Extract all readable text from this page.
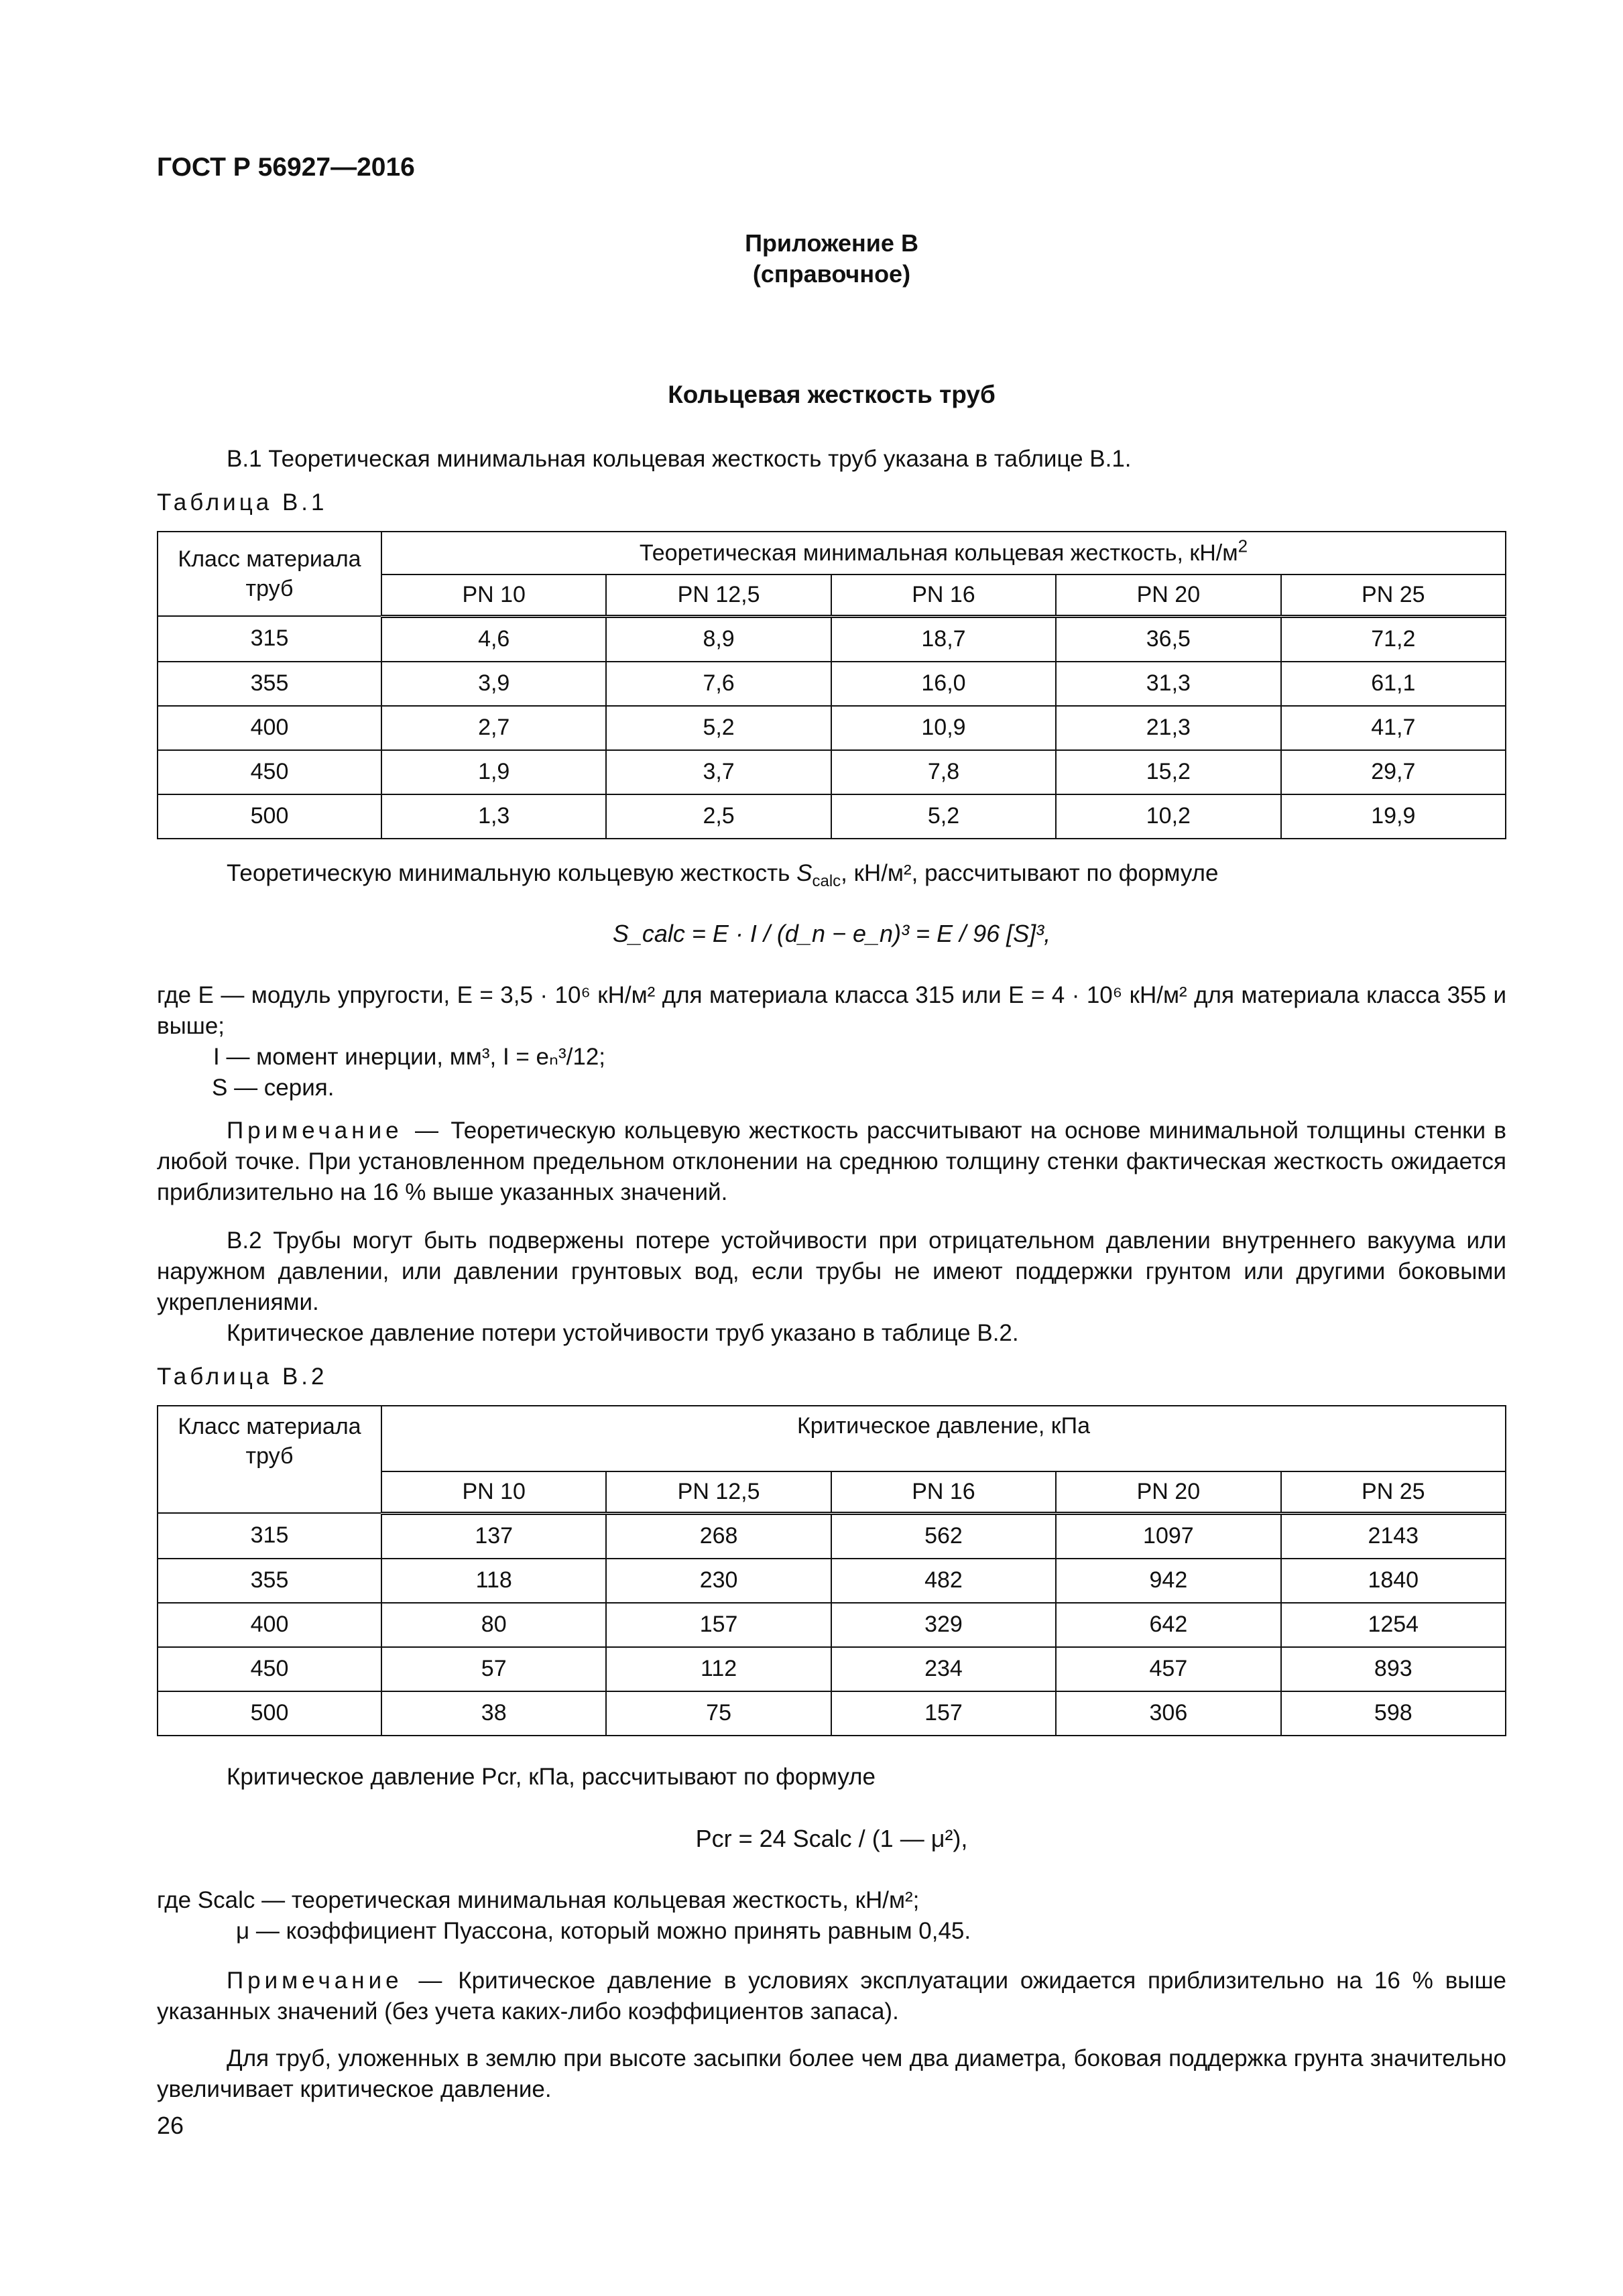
ГОСТ Р 56927—2016
Приложение В
(справочное)
Кольцевая жесткость труб
В.1 Теоретическая минимальная кольцевая жесткость труб указана в таблице В.1.
Таблица В.1
Класс материала труб	Теоретическая минимальная кольцевая жесткость, $кН/м^2$
	PN 10	PN 12,5	PN 16	PN 20	PN 25
315	4,6	8,9	18,7	36,5	71,2
355	3,9	7,6	16,0	31,3	61,1
400	2,7	5,2	10,9	21,3	41,7
450	1,9	3,7	7,8	15,2	29,7
500	1,3	2,5	5,2	10,2	19,9
Теоретическую минимальную кольцевую жесткость $S_{calc}$, кН/м², рассчитывают по формуле
S_calc = E · I / (d_n − e_n)³ = E / 96 [S]³,
где E — модуль упругости, E = 3,5 · 10⁶ кН/м² для материала класса 315 или E = 4 · 10⁶ кН/м² для материала класса 355 и выше;
I — момент инерции, мм³, I = eₙ³/12;
S — серия.
Примечание — Теоретическую кольцевую жесткость рассчитывают на основе минимальной толщины стенки в любой точке. При установленном предельном отклонении на среднюю толщину стенки фактическая жесткость ожидается приблизительно на 16 % выше указанных значений.
В.2 Трубы могут быть подвержены потере устойчивости при отрицательном давлении внутреннего вакуума или наружном давлении, или давлении грунтовых вод, если трубы не имеют поддержки грунтом или другими боковыми укреплениями.
Критическое давление потери устойчивости труб указано в таблице В.2.
Таблица В.2
Класс материала труб	Критическое давление, кПа				
	PN 10	PN 12,5	PN 16	PN 20	PN 25
315	137	268	562	1097	2143
355	118	230	482	942	1840
400	80	157	329	642	1254
450	57	112	234	457	893
500	38	75	157	306	598
Критическое давление Pcr, кПа, рассчитывают по формуле
Pcr = 24 Scalc / (1 — μ²),
где Scalc — теоретическая минимальная кольцевая жесткость, кН/м²;
μ — коэффициент Пуассона, который можно принять равным 0,45.
Примечание — Критическое давление в условиях эксплуатации ожидается приблизительно на 16 % выше указанных значений (без учета каких-либо коэффициентов запаса).
Для труб, уложенных в землю при высоте засыпки более чем два диаметра, боковая поддержка грунта значительно увеличивает критическое давление.
26
